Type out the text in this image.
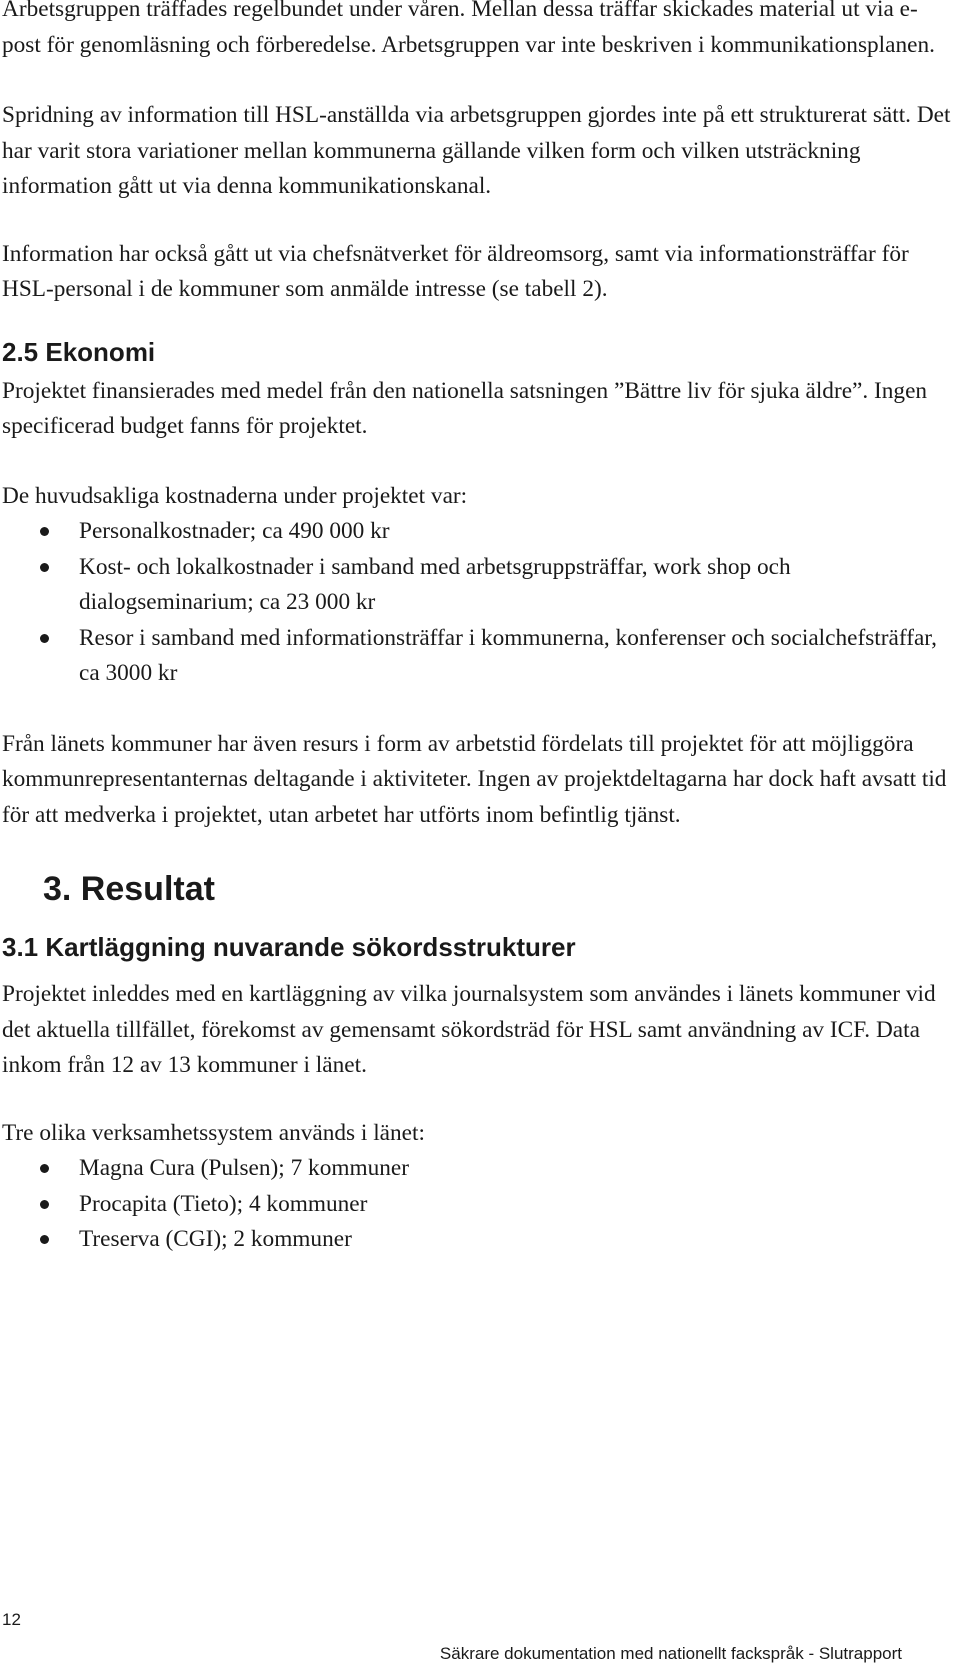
Arbetsgruppen träffades regelbundet under våren. Mellan dessa träffar skickades material ut via e-post för genomläsning och förberedelse. Arbetsgruppen var inte beskriven i kommunikationsplanen.

Spridning av information till HSL-anställda via arbetsgruppen gjordes inte på ett strukturerat sätt. Det har varit stora variationer mellan kommunerna gällande vilken form och vilken utsträckning information gått ut via denna kommunikationskanal.

Information har också gått ut via chefsnätverket för äldreomsorg, samt via informationsträffar för HSL-personal i de kommuner som anmälde intresse (se tabell 2).

2.5 Ekonomi

Projektet finansierades med medel från den nationella satsningen ”Bättre liv för sjuka äldre”. Ingen specificerad budget fanns för projektet.

De huvudsakliga kostnaderna under projektet var:

Personalkostnader; ca 490 000 kr
Kost- och lokalkostnader i samband med arbetsgruppsträffar, work shop och dialogseminarium; ca 23 000 kr
Resor i samband med informationsträffar i kommunerna, konferenser och socialchefsträffar, ca 3000 kr

Från länets kommuner har även resurs i form av arbetstid fördelats till projektet för att möjliggöra kommunrepresentanternas deltagande i aktiviteter. Ingen av projektdeltagarna har dock haft avsatt tid för att medverka i projektet, utan arbetet har utförts inom befintlig tjänst.

3. Resultat
3.1 Kartläggning nuvarande sökordsstrukturer

Projektet inleddes med en kartläggning av vilka journalsystem som användes i länets kommuner vid det aktuella tillfället, förekomst av gemensamt sökordsträd för HSL samt användning av ICF. Data inkom från 12 av 13 kommuner i länet.

Tre olika verksamhetssystem används i länet:

Magna Cura (Pulsen); 7 kommuner
Procapita (Tieto); 4 kommuner
Treserva (CGI); 2 kommuner
12
Säkrare dokumentation med nationellt fackspråk - Slutrapport
